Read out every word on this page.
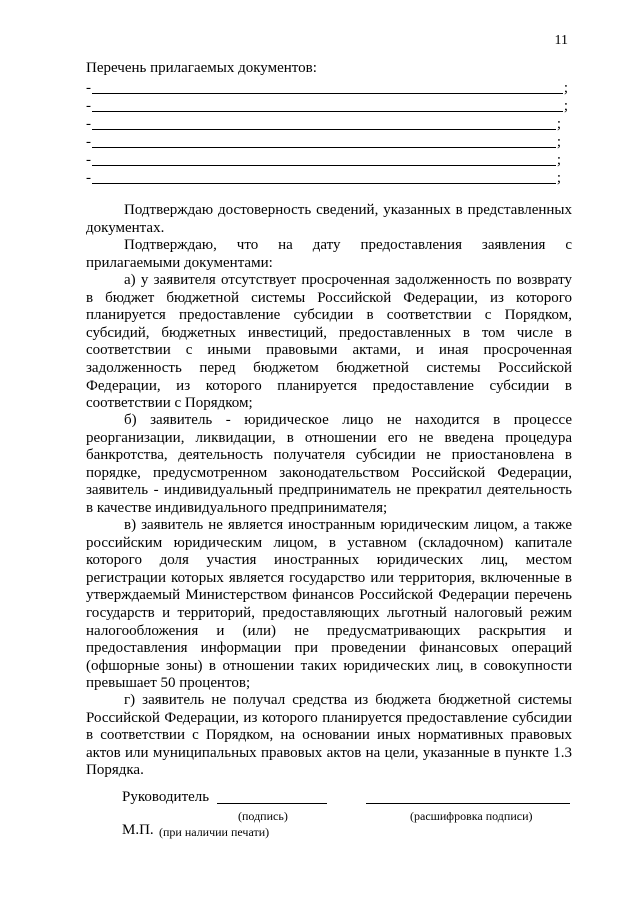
11
Перечень прилагаемых документов:
-	;
-	;
-	;
-	;
-	;
-	;

Подтверждаю достоверность сведений, указанных в представленных документах.

Подтверждаю, что на дату предоставления заявления с прилагаемыми документами:

а) у заявителя отсутствует просроченная задолженность по возврату в бюджет бюджетной системы Российской Федерации, из которого планируется предоставление субсидии в соответствии с Порядком, субсидий, бюджетных инвестиций, предоставленных в том числе в соответствии с иными правовыми актами, и иная просроченная задолженность перед бюджетом бюджетной системы Российской Федерации, из которого планируется предоставление субсидии в соответствии с Порядком;

б) заявитель - юридическое лицо не находится в процессе реорганизации, ликвидации, в отношении его не введена процедура банкротства, деятельность получателя субсидии не приостановлена в порядке, предусмотренном законодательством Российской Федерации, заявитель - индивидуальный предприниматель не прекратил деятельность в качестве индивидуального предпринимателя;

в) заявитель не является иностранным юридическим лицом, а также российским юридическим лицом, в уставном (складочном) капитале которого доля участия иностранных юридических лиц, местом регистрации которых является государство или территория, включенные в утверждаемый Министерством финансов Российской Федерации перечень государств и территорий, предоставляющих льготный налоговый режим налогообложения и (или) не предусматривающих раскрытия и предоставления информации при проведении финансовых операций (офшорные зоны) в отношении таких юридических лиц, в совокупности превышает 50 процентов;

г) заявитель не получал средства из бюджета бюджетной системы Российской Федерации, из которого планируется предоставление субсидии в соответствии с Порядком, на основании иных нормативных правовых актов или муниципальных правовых актов на цели, указанные в пункте 1.3 Порядка.

Руководитель
(подпись)	(расшифровка подписи)
М.П. (при наличии печати)
